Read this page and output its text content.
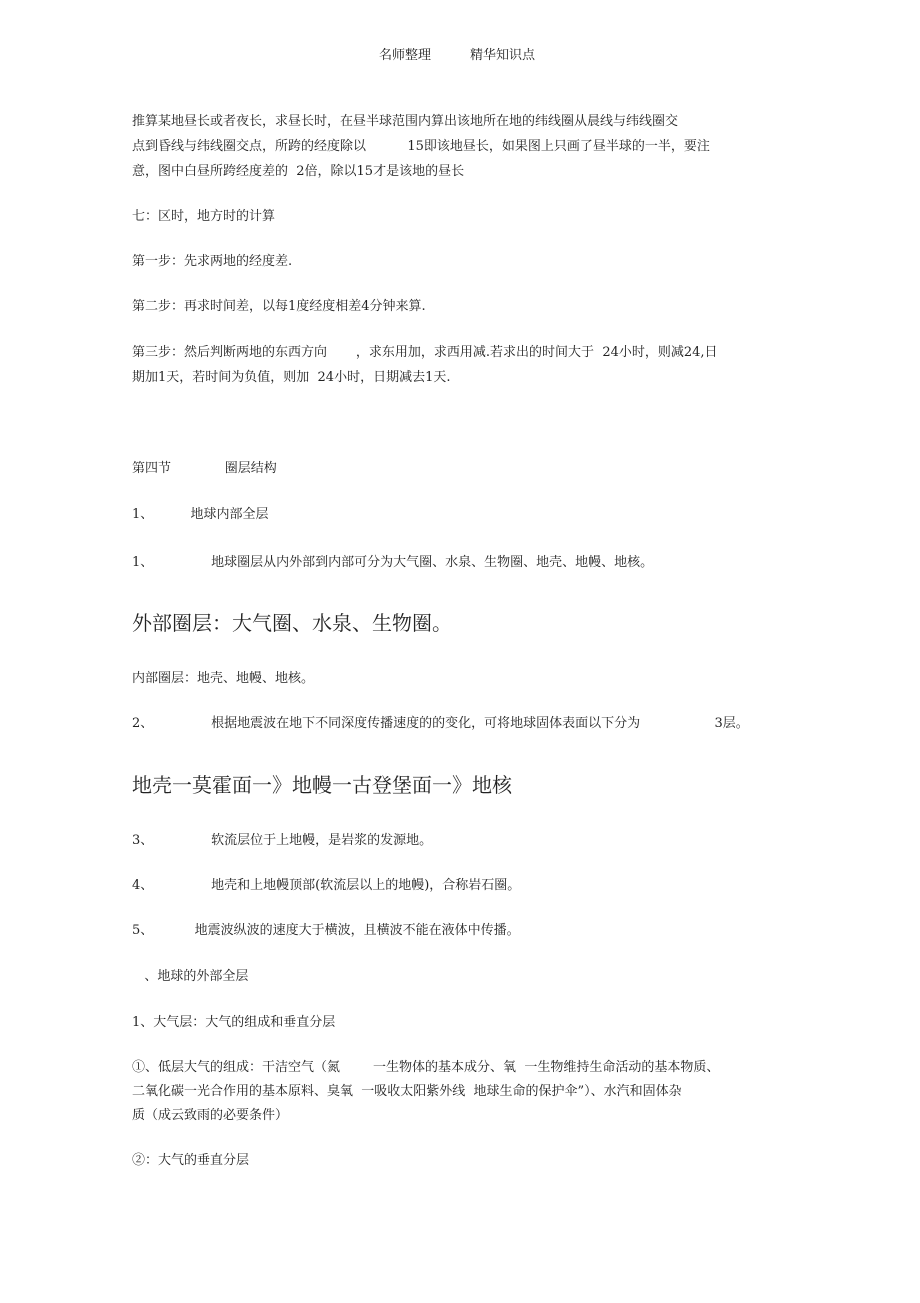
名师整理	精华知识点
推算某地昼长或者夜长，求昼长时，在昼半球范围内算出该地所在地的纬线圈从晨线与纬线圈交
点到昏线与纬线圈交点，所跨的经度除以          15即该地昼长，如果图上只画了昼半球的一半，要注
意，图中白昼所跨经度差的  2倍，除以15才是该地的昼长
七：区时，地方时的计算
第一步：先求两地的经度差.
第二步：再求时间差，以每1度经度相差4分钟来算.
第三步：然后判断两地的东西方向       ，求东用加，求西用减.若求出的时间大于  24小时，则减24,日
期加1天，若时间为负值，则加  24小时，日期减去1天.
第四节             圈层结构
1、         地球内部全层
1、              地球圈层从内外部到内部可分为大气圈、水泉、生物圈、地壳、地幔、地核。
外部圈层：大气圈、水泉、生物圈。
内部圈层：地壳、地幔、地核。
2、              根据地震波在地下不同深度传播速度的的变化，可将地球固体表面以下分为                  3层。
地壳一莫霍面一》地幔一古登堡面一》地核
3、              软流层位于上地幔，是岩浆的发源地。
4、              地壳和上地幔顶部(软流层以上的地幔)，合称岩石圈。
5、          地震波纵波的速度大于横波，且横波不能在液体中传播。
、地球的外部全层
1、大气层：大气的组成和垂直分层
①、低层大气的组成：干洁空气（氮        一生物体的基本成分、氧  一生物维持生命活动的基本物质、
二氧化碳一光合作用的基本原料、臭氧  一吸收太阳紫外线  地球生命的保护伞”）、水汽和固体杂
质（成云致雨的必要条件）
②：大气的垂直分层
